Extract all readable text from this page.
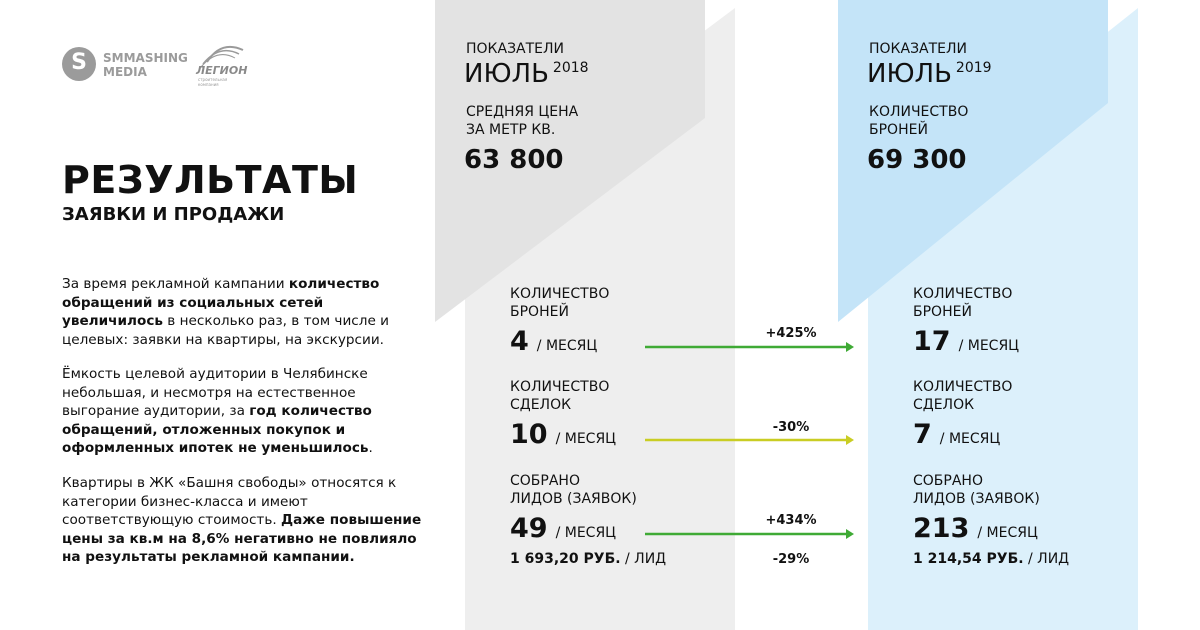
S	SMMASHING MEDIA	ЛЕГИОН
строительная компания
РЕЗУЛЬТАТЫ
ЗАЯВКИ И ПРОДАЖИ
За время рекламной кампании количество обращений из социальных сетей увеличилось в несколько раз, в том числе и целевых: заявки на квартиры, на экскурсии.
Ёмкость целевой аудитории в Челябинске небольшая, и несмотря на естественное выгорание аудитории, за год количество обращений, отложенных покупок и оформленных ипотек не уменьшилось.
Квартиры в ЖК «Башня свободы» относятся к категории бизнес-класса и имеют соответствующую стоимость. Даже повышение цены за кв.м на 8,6% негативно не повлияло на результаты рекламной кампании.
ПОКАЗАТЕЛИ
ИЮЛЬ $^{2018}$
СРЕДНЯЯ ЦЕНА
ЗА МЕТР КВ.
63 800
ПОКАЗАТЕЛИ
ИЮЛЬ $^{2019}$
КОЛИЧЕСТВО
БРОНЕЙ
69 300
КОЛИЧЕСТВО
БРОНЕЙ
4 / МЕСЯЦ
КОЛИЧЕСТВО
СДЕЛОК
10 / МЕСЯЦ
СОБРАНО
ЛИДОВ (ЗАЯВОК)
49 / МЕСЯЦ
1 693,20 РУБ. / ЛИД
КОЛИЧЕСТВО
БРОНЕЙ
17 / МЕСЯЦ
КОЛИЧЕСТВО
СДЕЛОК
7 / МЕСЯЦ
СОБРАНО
ЛИДОВ (ЗАЯВОК)
213 / МЕСЯЦ
1 214,54 РУБ. / ЛИД
+425%
-30%
+434%
-29%
